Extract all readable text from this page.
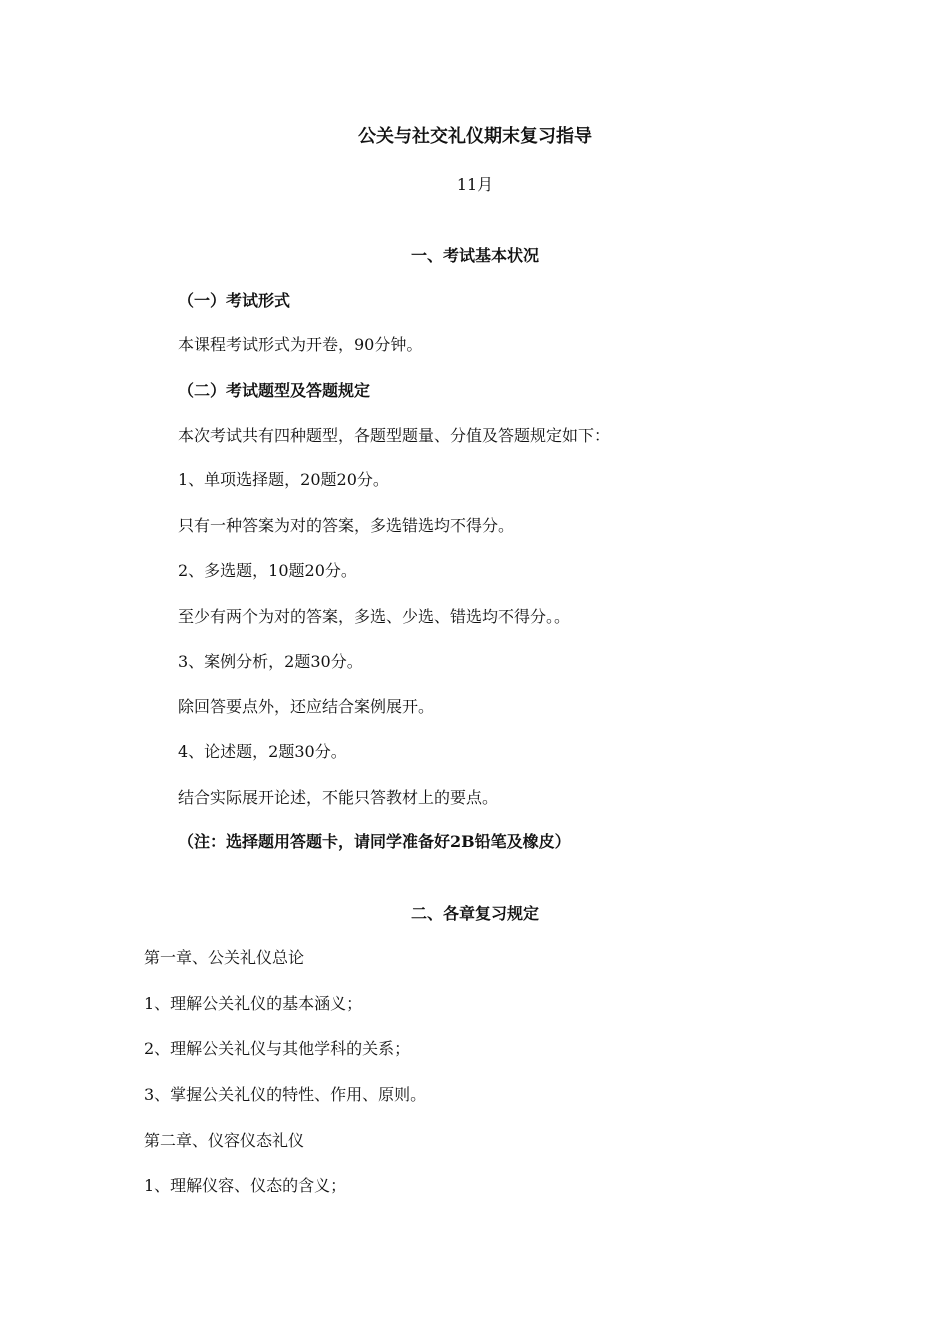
公关与社交礼仪期末复习指导
11月
一、考试基本状况
（一）考试形式
本课程考试形式为开卷，90分钟。
（二）考试题型及答题规定
本次考试共有四种题型，各题型题量、分值及答题规定如下：
1、单项选择题，20题20分。
只有一种答案为对的答案，多选错选均不得分。
2、多选题，10题20分。
至少有两个为对的答案，多选、少选、错选均不得分。。
3、案例分析，2题30分。
除回答要点外，还应结合案例展开。
4、论述题，2题30分。
结合实际展开论述，不能只答教材上的要点。
（注：选择题用答题卡，请同学准备好2B铅笔及橡皮）
二、各章复习规定
第一章、公关礼仪总论
1、理解公关礼仪的基本涵义；
2、理解公关礼仪与其他学科的关系；
3、掌握公关礼仪的特性、作用、原则。
第二章、仪容仪态礼仪
1、理解仪容、仪态的含义；
